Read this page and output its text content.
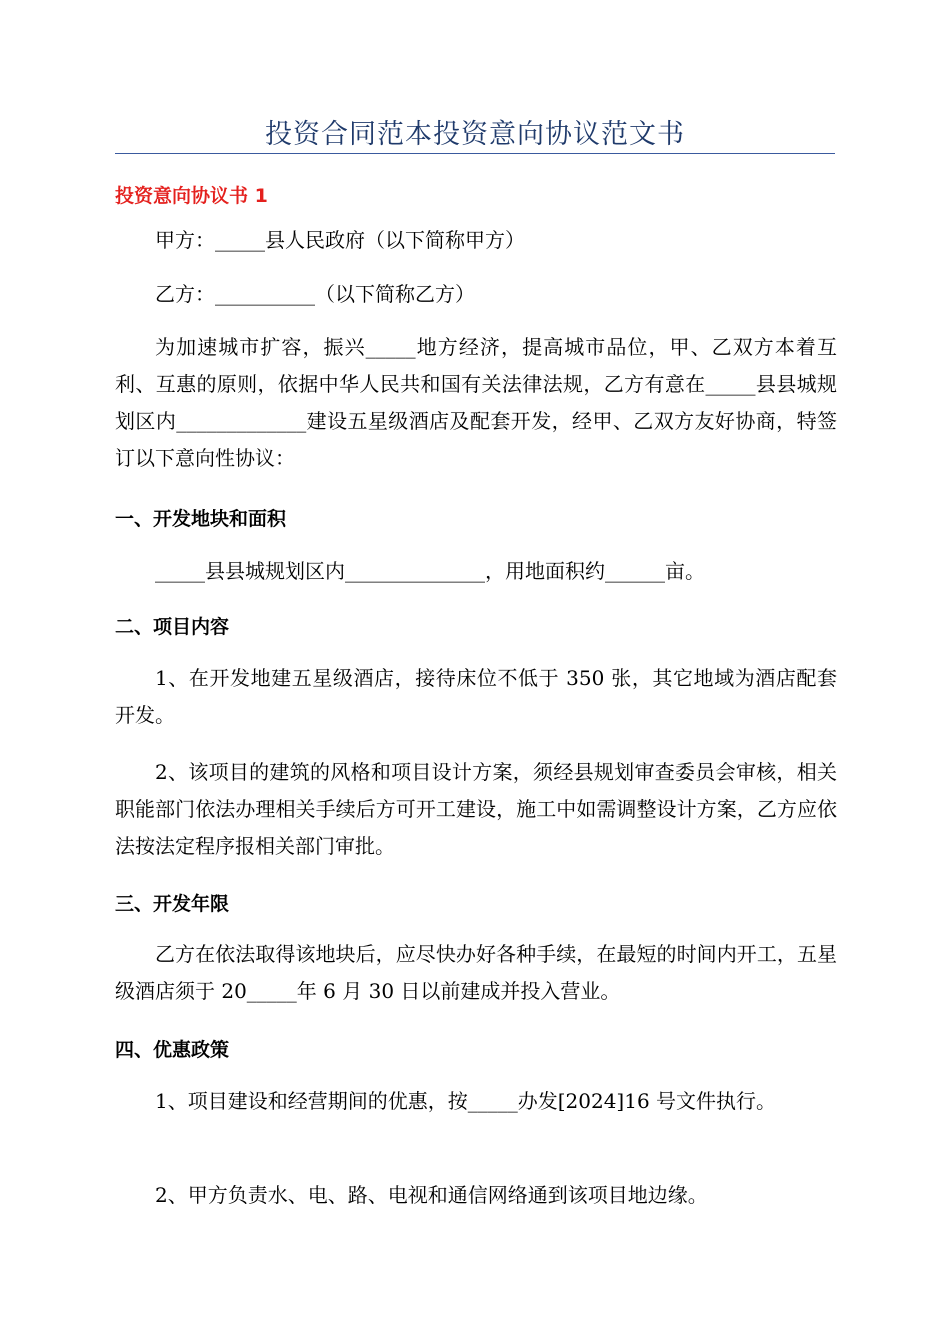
投资合同范本投资意向协议范文书
投资意向协议书 1

甲方：_____县人民政府（以下简称甲方）

乙方：__________（以下简称乙方）

为加速城市扩容，振兴_____地方经济，提高城市品位，甲、乙双方本着互利、互惠的原则，依据中华人民共和国有关法律法规，乙方有意在_____县县城规划区内_____________建设五星级酒店及配套开发，经甲、乙双方友好协商，特签订以下意向性协议：

一、开发地块和面积

_____县县城规划区内______________，用地面积约______亩。

二、项目内容

1、在开发地建五星级酒店，接待床位不低于 350 张，其它地域为酒店配套开发。

2、该项目的建筑的风格和项目设计方案，须经县规划审查委员会审核，相关职能部门依法办理相关手续后方可开工建设，施工中如需调整设计方案，乙方应依法按法定程序报相关部门审批。

三、开发年限

乙方在依法取得该地块后，应尽快办好各种手续，在最短的时间内开工，五星级酒店须于 20_____年 6 月 30 日以前建成并投入营业。

四、优惠政策

1、项目建设和经营期间的优惠，按_____办发[2024]16 号文件执行。

2、甲方负责水、电、路、电视和通信网络通到该项目地边缘。
